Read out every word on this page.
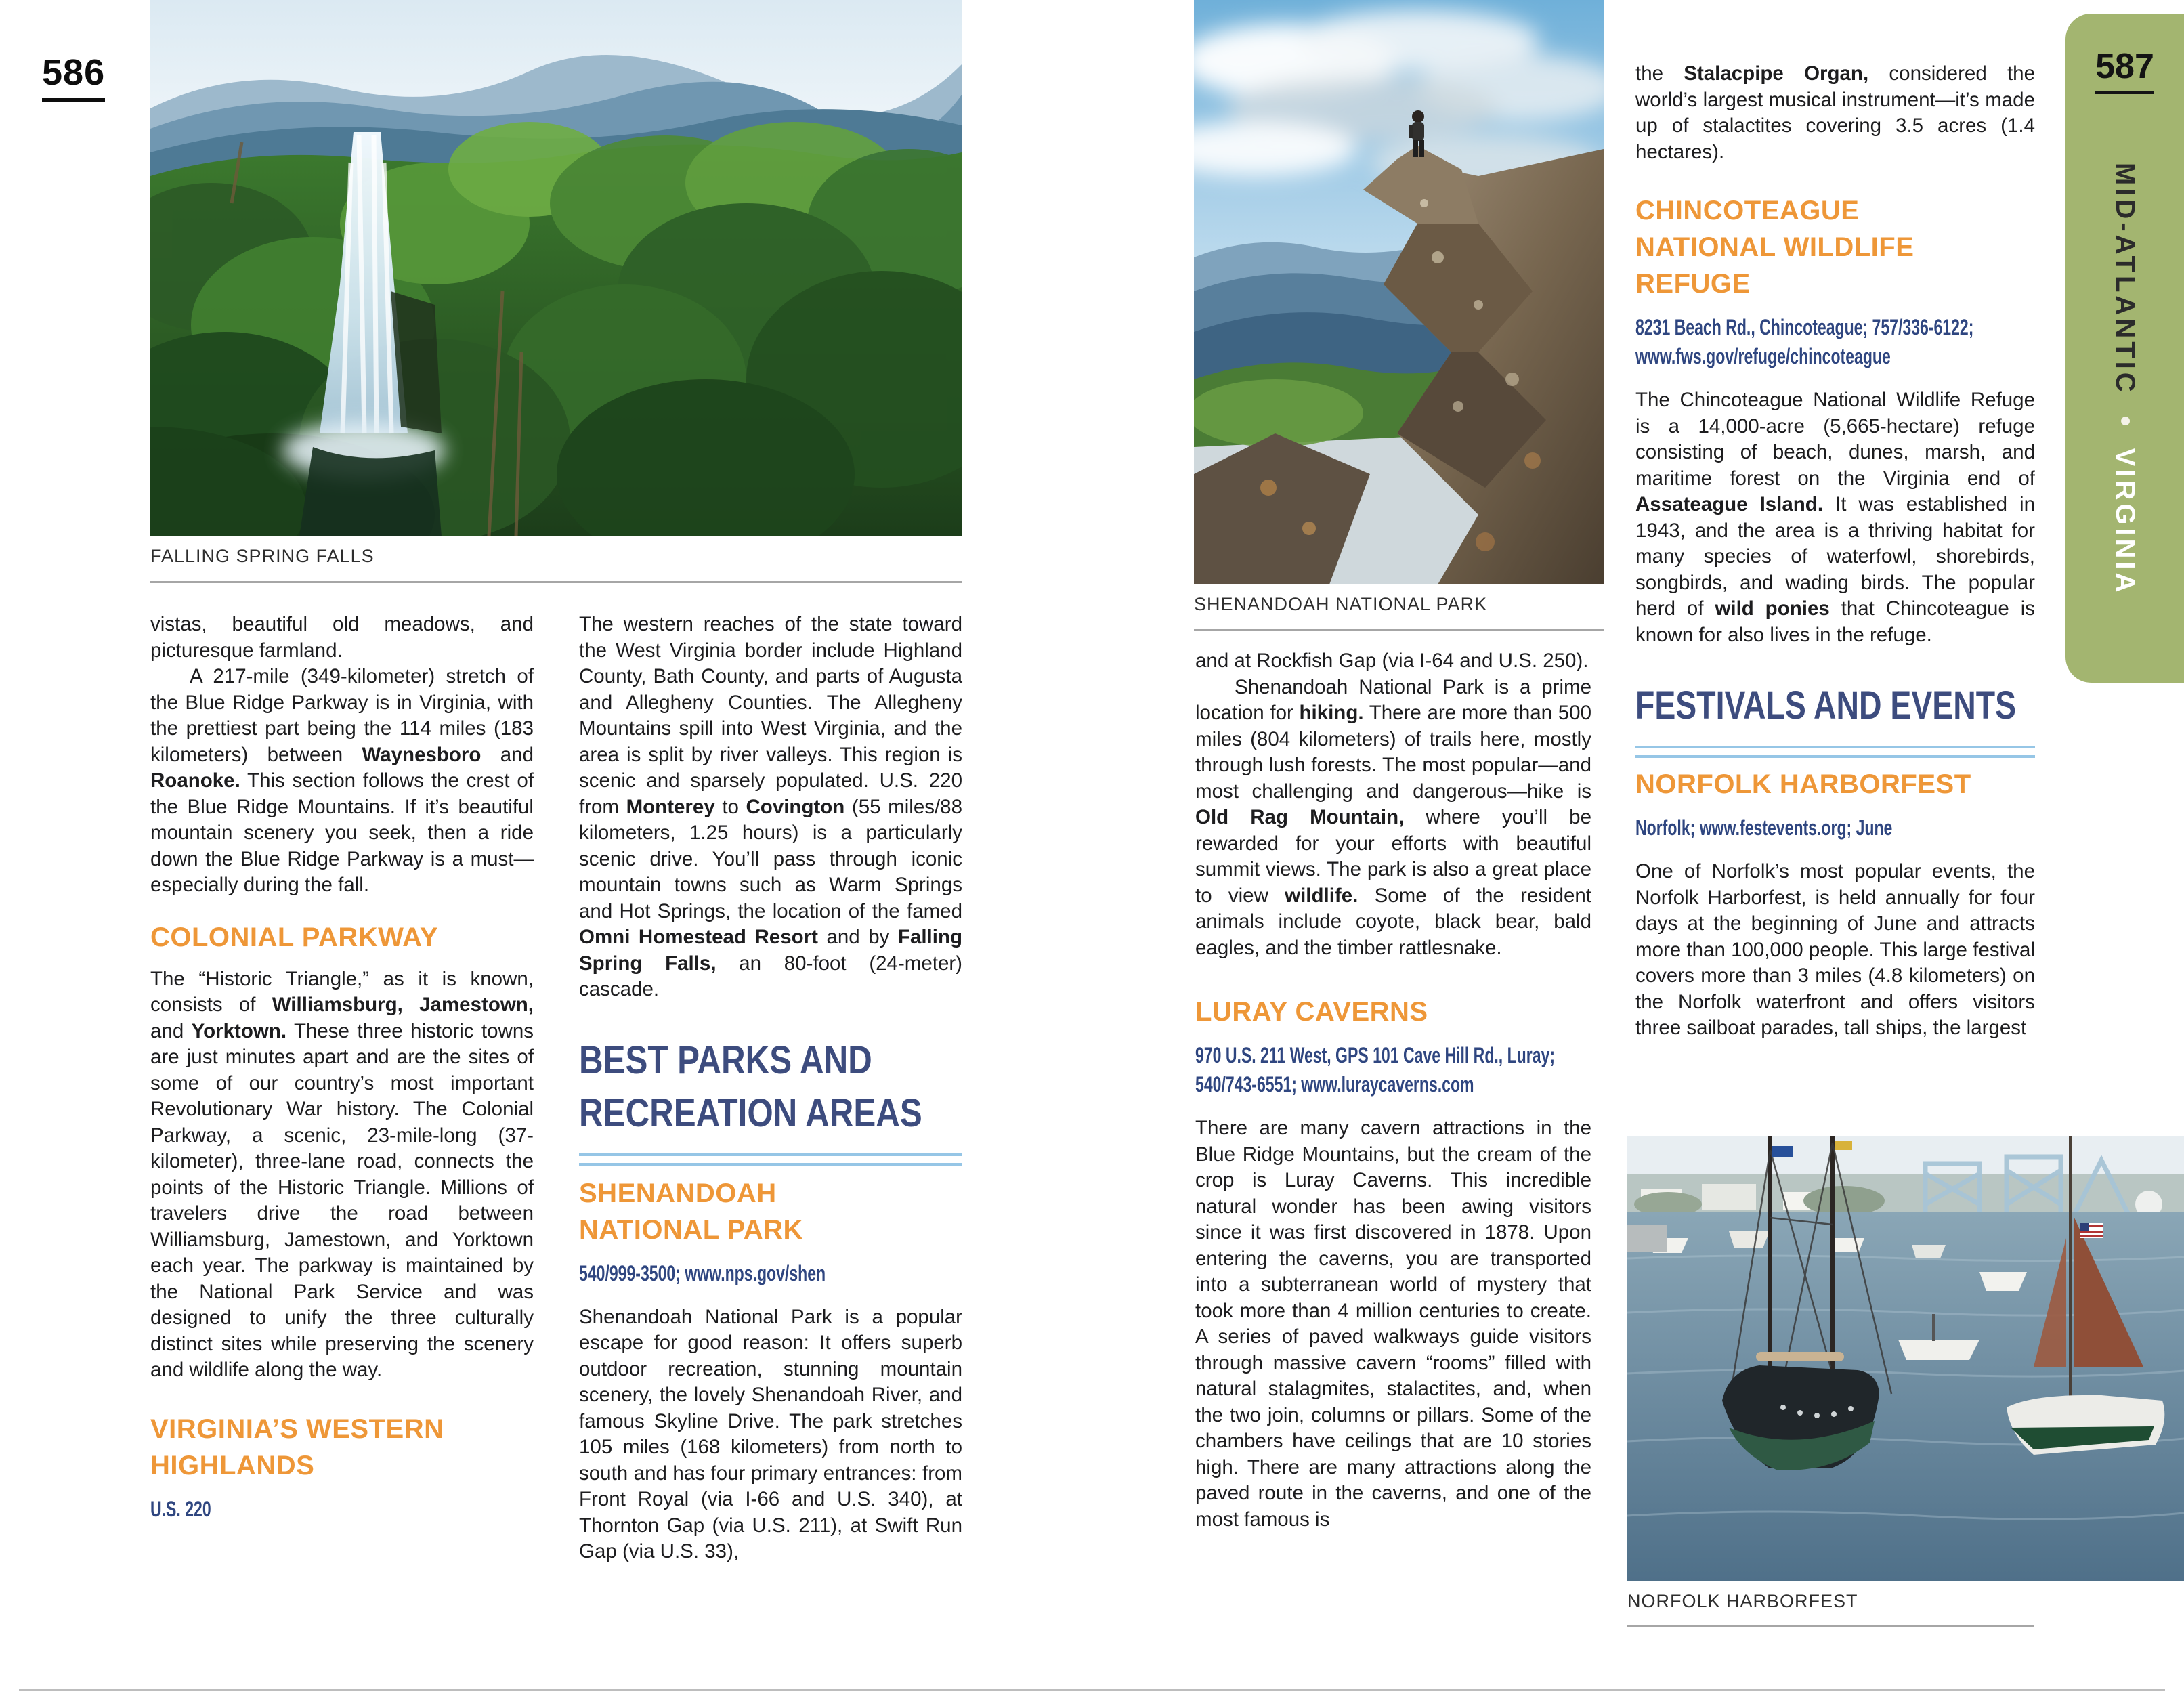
586
FALLING SPRING FALLS

vistas, beautiful old meadows, and picturesque farmland.

A 217-mile (349-kilometer) stretch of the Blue Ridge Parkway is in Virginia, with the prettiest part being the 114 miles (183 kilometers) between Waynesboro and Roanoke. This section follows the crest of the Blue Ridge Mountains. If it’s beautiful mountain scenery you seek, then a ride down the Blue Ridge Parkway is a must—especially during the fall.

COLONIAL PARKWAY

The “Historic Triangle,” as it is known, consists of Williamsburg, Jamestown, and Yorktown. These three historic towns are just minutes apart and are the sites of some of our country’s most important Revolutionary War history. The Colonial Parkway, a scenic, 23-mile-long (37-kilometer), three-lane road, connects the points of the Historic Triangle. Millions of travelers drive the road between Williamsburg, Jamestown, and Yorktown each year. The parkway is maintained by the National Park Service and was designed to unify the three culturally distinct sites while preserving the scenery and wildlife along the way.

VIRGINIA’S WESTERN
HIGHLANDS
U.S. 220

The western reaches of the state toward the West Virginia border include Highland County, Bath County, and parts of Augusta and Allegheny Counties. The Allegheny Mountains spill into West Virginia, and the area is split by river valleys. This region is scenic and sparsely populated. U.S. 220 from Monterey to Covington (55 miles/88 kilometers, 1.25 hours) is a particularly scenic drive. You’ll pass through iconic mountain towns such as Warm Springs and Hot Springs, the location of the famed Omni Homestead Resort and by Falling Spring Falls, an 80-foot (24-meter) cascade.

BEST PARKS AND
RECREATION AREAS
SHENANDOAH
NATIONAL PARK
540/999-3500; www.nps.gov/shen

Shenandoah National Park is a popular escape for good reason: It offers superb outdoor recreation, stunning mountain scenery, the lovely Shenandoah River, and famous Skyline Drive. The park stretches 105 miles (168 kilometers) from north to south and has four primary entrances: from Front Royal (via I-66 and U.S. 340), at Thornton Gap (via U.S. 211), at Swift Run Gap (via U.S. 33),

SHENANDOAH NATIONAL PARK

and at Rockfish Gap (via I-64 and U.S. 250).

Shenandoah National Park is a prime location for hiking. There are more than 500 miles (804 kilometers) of trails here, mostly through lush forests. The most popular—and most challenging and dangerous—hike is Old Rag Mountain, where you’ll be rewarded for your efforts with beautiful summit views. The park is also a great place to view wildlife. Some of the resident animals include coyote, black bear, bald eagles, and the timber rattlesnake.

LURAY CAVERNS
970 U.S. 211 West, GPS 101 Cave Hill Rd., Luray;
540/743-6551; www.luraycaverns.com

There are many cavern attractions in the Blue Ridge Mountains, but the cream of the crop is Luray Caverns. This incredible natural wonder has been awing visitors since it was first discovered in 1878. Upon entering the caverns, you are transported into a subterranean world of mystery that took more than 4 million centuries to create. A series of paved walkways guide visitors through massive cavern “rooms” filled with natural stalagmites, stalactites, and, when the two join, columns or pillars. Some of the chambers have ceilings that are 10 stories high. There are many attractions along the paved route in the caverns, and one of the most famous is

the Stalacpipe Organ, considered the world’s largest musical instrument—it’s made up of stalactites covering 3.5 acres (1.4 hectares).

CHINCOTEAGUE
NATIONAL WILDLIFE
REFUGE
8231 Beach Rd., Chincoteague; 757/336-6122;
www.fws.gov/refuge/chincoteague

The Chincoteague National Wildlife Refuge is a 14,000-acre (5,665-hectare) refuge consisting of beach, dunes, marsh, and maritime forest on the Virginia end of Assateague Island. It was established in 1943, and the area is a thriving habitat for many species of waterfowl, shorebirds, songbirds, and wading birds. The popular herd of wild ponies that Chincoteague is known for also lives in the refuge.

FESTIVALS AND EVENTS
NORFOLK HARBORFEST
Norfolk; www.festevents.org; June

One of Norfolk’s most popular events, the Norfolk Harborfest, is held annually for four days at the beginning of June and attracts more than 100,000 people. This large festival covers more than 3 miles (4.8 kilometers) on the Norfolk waterfront and offers visitors three sailboat parades, tall ships, the largest

NORFOLK HARBORFEST
587
MID-ATLANTIC●VIRGINIA
